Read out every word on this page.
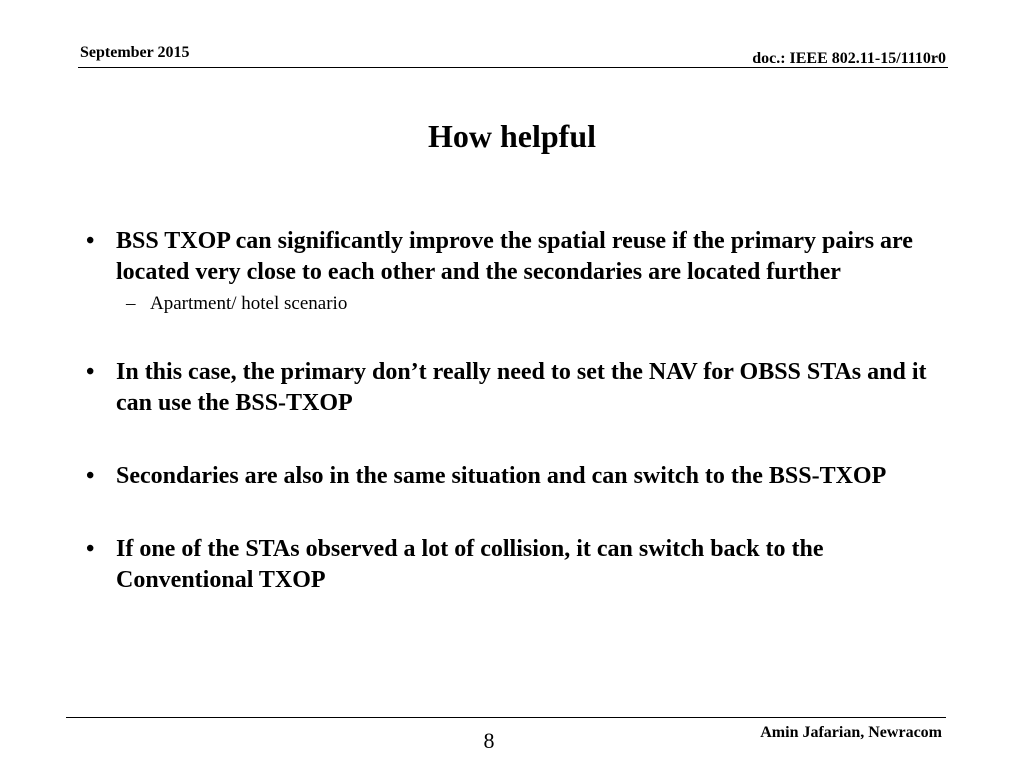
September 2015	doc.: IEEE 802.11-15/1110r0
How helpful
• BSS TXOP can significantly improve the spatial reuse if the primary pairs are located very close to each other and the secondaries are located further
– Apartment/ hotel scenario
• In this case, the primary don’t really need to set the NAV for OBSS STAs and it can use the BSS-TXOP
• Secondaries are also in the same situation and can switch to the BSS-TXOP
• If one of the STAs observed a lot of collision, it can switch back to the Conventional TXOP
8	Amin Jafarian, Newracom
